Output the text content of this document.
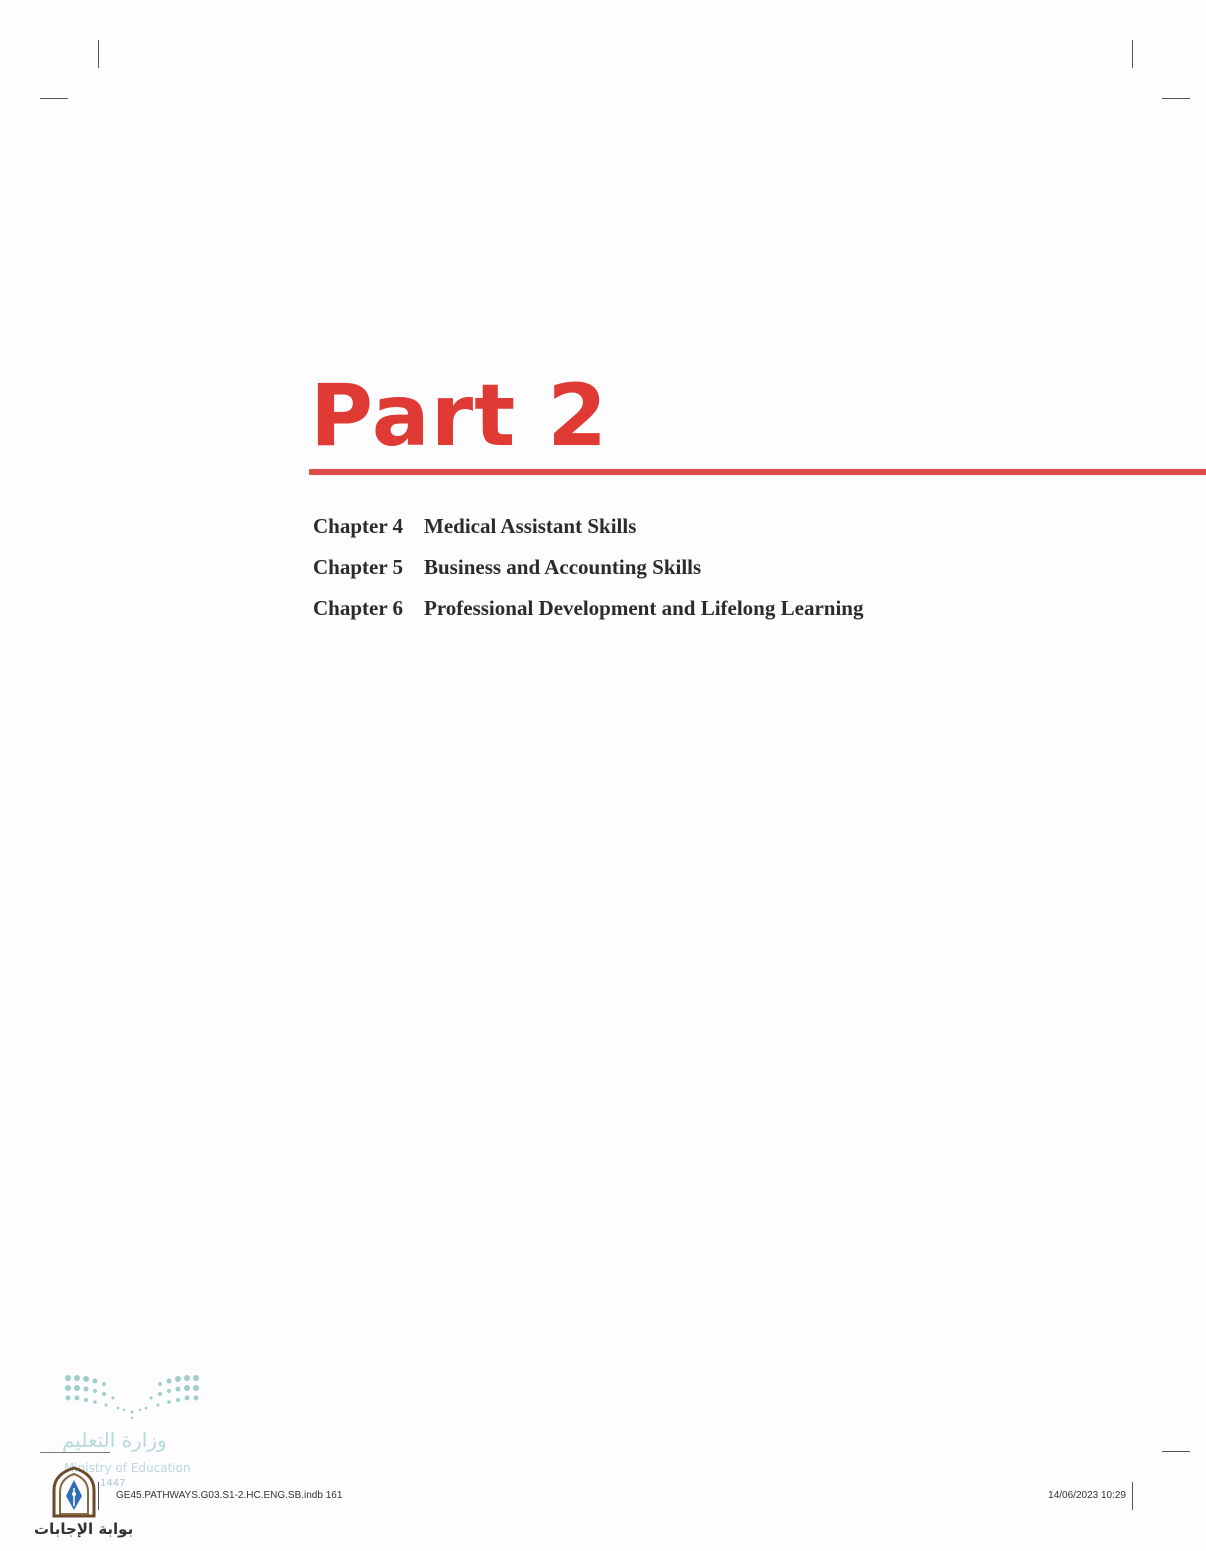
Part 2
Chapter 4 Medical Assistant Skills
Chapter 5 Business and Accounting Skills
Chapter 6 Professional Development and Lifelong Learning
وزارة التعليم
Ministry of Education
1447
بوابة الإجابات
GE45.PATHWAYS.G03.S1-2.HC.ENG.SB.indb 161	14/06/2023 10:29
